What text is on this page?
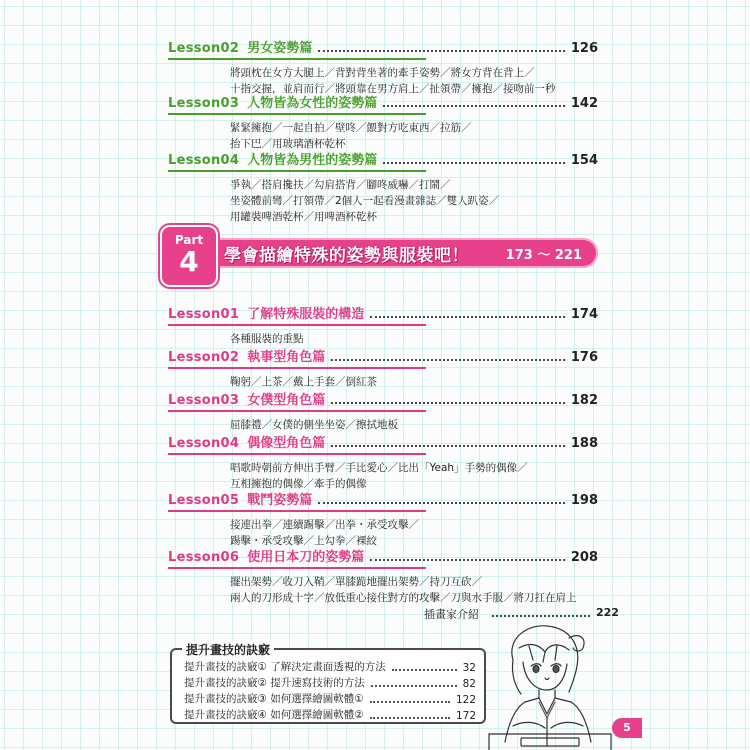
Lesson02 男女姿勢篇	126
將頭枕在女方大腿上／背對背坐著的牽手姿勢／將女方背在背上／
十指交握，並肩而行／將頭靠在男方肩上／扯領帶／擁抱／接吻前一秒
Lesson03 人物皆為女性的姿勢篇	142
緊緊擁抱／一起自拍／壁咚／餵對方吃東西／拉筋／
抬下巴／用玻璃酒杯乾杯
Lesson04 人物皆為男性的姿勢篇	154
爭執／搭肩攙扶／勾肩搭背／腳咚威嚇／打鬧／
坐姿體前彎／打領帶／2個人一起看漫畫雜誌／雙人趴姿／
用罐裝啤酒乾杯／用啤酒杯乾杯
學會描繪特殊的姿勢與服裝吧！	173 ～ 221
Part
4
Lesson01 了解特殊服裝的構造	174
各種服裝的重點
Lesson02 執事型角色篇	176
鞠躬／上茶／戴上手套／倒紅茶
Lesson03 女僕型角色篇	182
屈膝禮／女僕的側坐坐姿／擦拭地板
Lesson04 偶像型角色篇	188
唱歌時朝前方伸出手臂／手比愛心／比出「Yeah」手勢的偶像／
互相擁抱的偶像／牽手的偶像
Lesson05 戰鬥姿勢篇	198
接連出拳／連續踢擊／出拳・承受攻擊／
踢擊・承受攻擊／上勾拳／裸絞
Lesson06 使用日本刀的姿勢篇	208
擺出架勢／收刀入鞘／單膝跪地擺出架勢／持刀互砍／
兩人的刀形成十字／放低重心接住對方的攻擊／刀與水手服／將刀扛在肩上
插畫家介紹	222
提升畫技的訣竅
提升畫技的訣竅① 了解決定畫面透視的方法	32
提升畫技的訣竅② 提升速寫技術的方法	82
提升畫技的訣竅③ 如何選擇繪圖軟體①	122
提升畫技的訣竅④ 如何選擇繪圖軟體②	172
5
